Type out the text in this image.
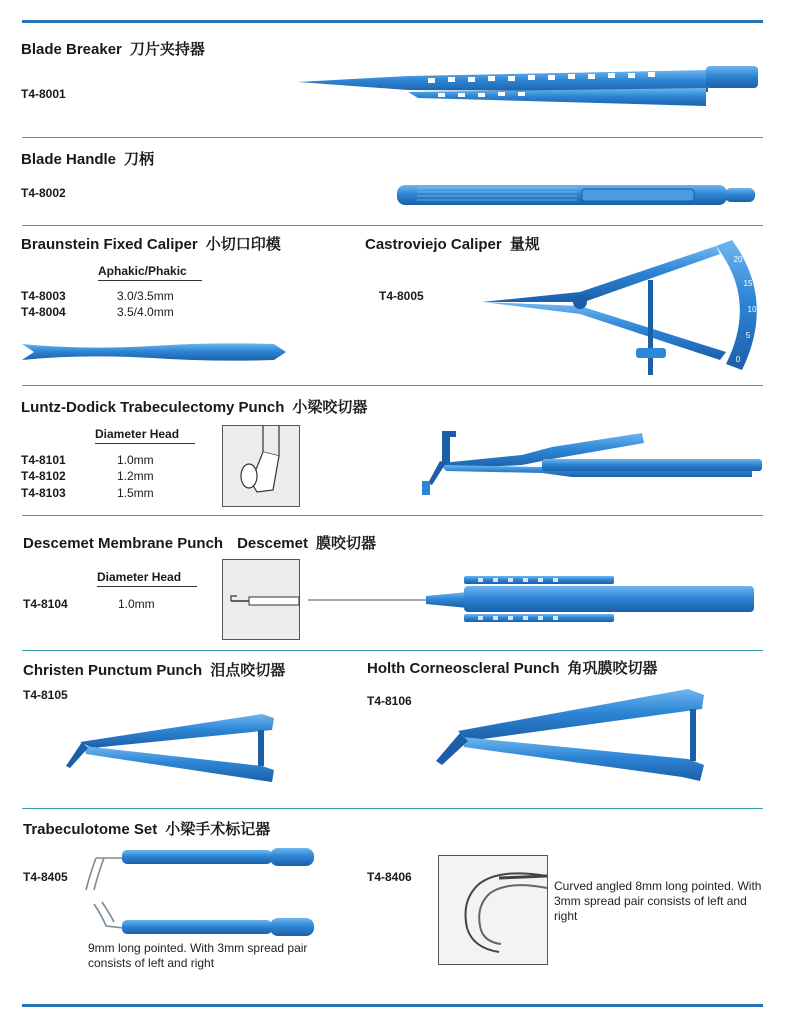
Blade Breaker 刀片夹持器
T4-8001
Blade Handle 刀柄
T4-8002
Braunstein Fixed Caliper 小切口印模
Aphakic/Phakic
T4-8003	3.0/3.5mm
T4-8004	3.5/4.0mm
Castroviejo Caliper 量规
T4-8005
20
15
10
5
0
Luntz-Dodick Trabeculectomy Punch 小梁咬切器
Diameter Head
T4-8101	1.0mm
T4-8102	1.2mm
T4-8103	1.5mm
Descemet Membrane Punch Descemet 膜咬切器
Diameter Head
T4-8104	1.0mm
Christen Punctum Punch 泪点咬切器
T4-8105
Holth Corneoscleral Punch 角巩膜咬切器
T4-8106
Trabeculotome Set 小梁手术标记器
T4-8405	T4-8406
9mm long pointed. With 3mm spread pair consists of left and right
Curved angled 8mm long pointed. With 3mm spread pair consists of left and right
